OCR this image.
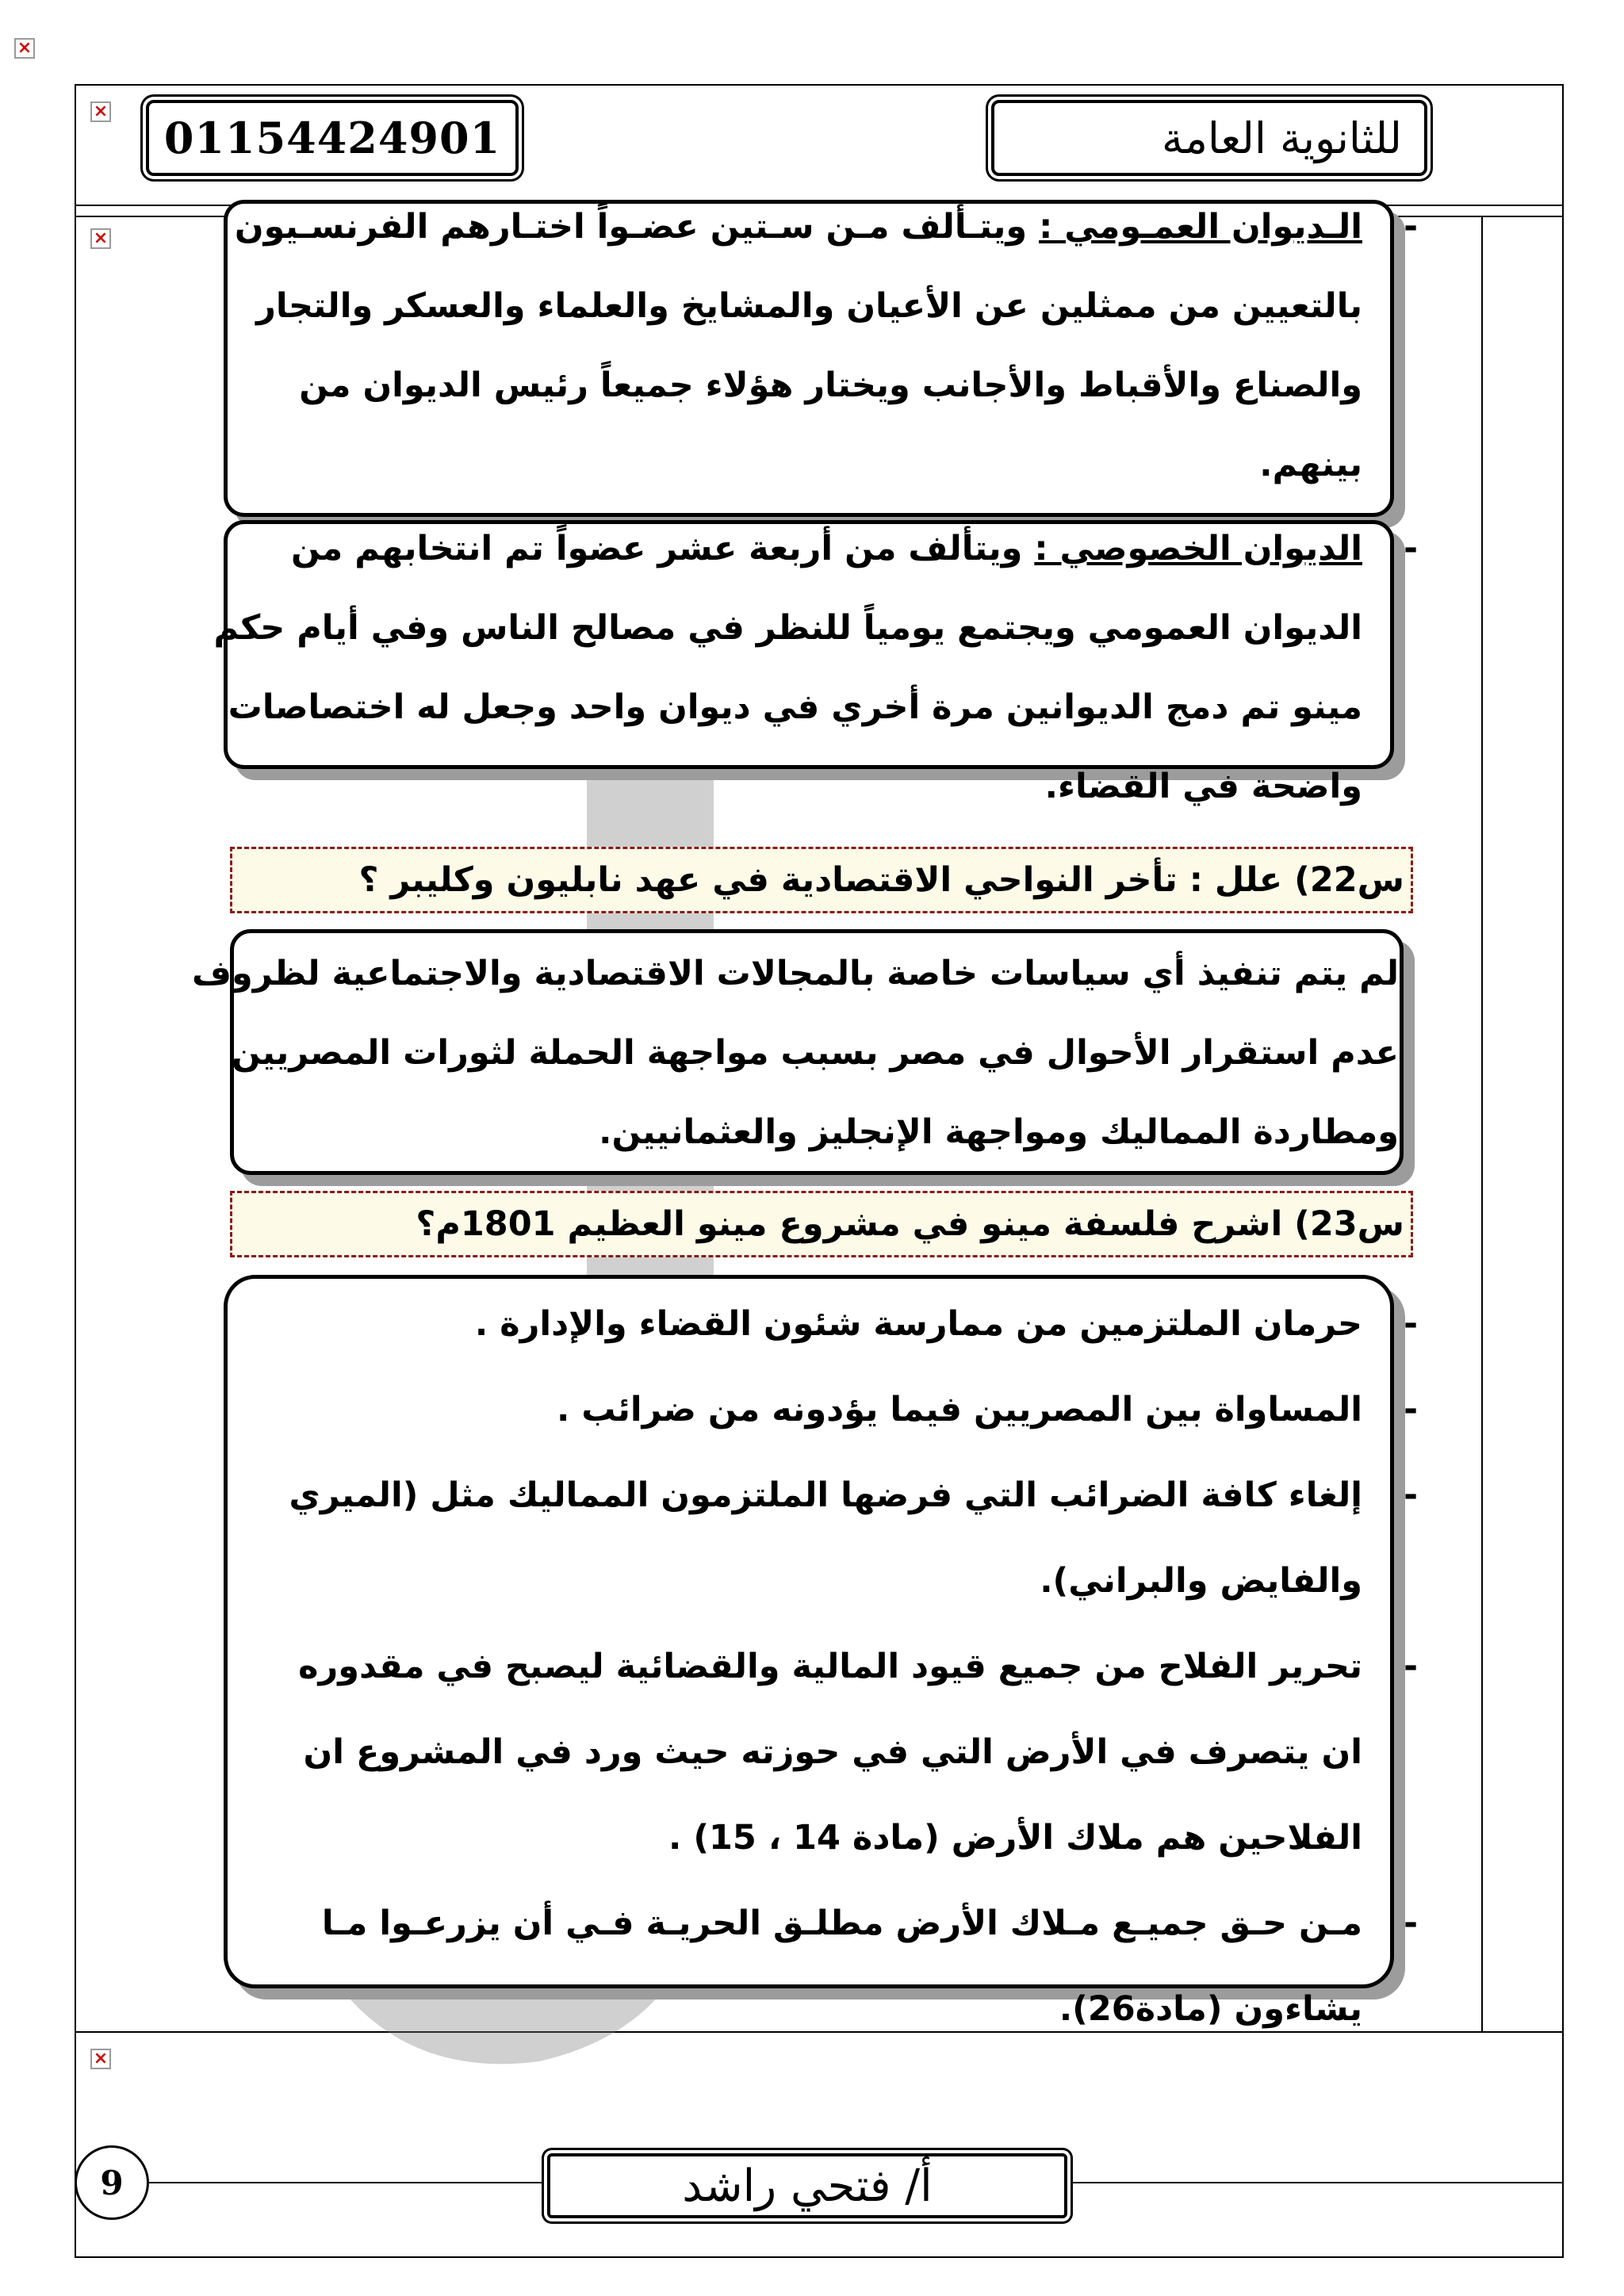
×
×
×
×
01154424901	للثانوية العامة
-
الـديوان العمـومي : ويتـألف مـن سـتين عضـواً اختـارهم الفرنسـيون
بالتعيين من ممثلين عن الأعيان والمشايخ والعلماء والعسكر والتجار
والصناع والأقباط والأجانب ويختار هؤلاء جميعاً رئيس الديوان من
بينهم.
-
الديوان الخصوصي : ويتألف من أربعة عشر عضواً تم انتخابهم من
الديوان العمومي ويجتمع يومياً للنظر في مصالح الناس وفي أيام حكم
مينو تم دمج الديوانين مرة أخري في ديوان واحد وجعل له اختصاصات
واضحة في القضاء.
س22) علل : تأخر النواحي الاقتصادية في عهد نابليون وكليبر ؟
لم يتم تنفيذ أي سياسات خاصة بالمجالات الاقتصادية والاجتماعية لظروف
عدم استقرار الأحوال في مصر بسبب مواجهة الحملة لثورات المصريين
ومطاردة المماليك ومواجهة الإنجليز والعثمانيين.
س23) اشرح فلسفة مينو في مشروع مينو العظيم 1801م؟
-
حرمان الملتزمين من ممارسة شئون القضاء والإدارة .
-
المساواة بين المصريين فيما يؤدونه من ضرائب .
-
إلغاء كافة الضرائب التي فرضها الملتزمون المماليك مثل (الميري
والفايض والبراني).
-
تحرير الفلاح من جميع قيود المالية والقضائية ليصبح في مقدوره
ان يتصرف في الأرض التي في حوزته حيث ورد في المشروع ان
الفلاحين هم ملاك الأرض (مادة 14 ، 15) .
-
مـن حـق جميـع مـلاك الأرض مطلـق الحريـة فـي أن يزرعـوا مـا
يشاءون (مادة26).
9	أ/ فتحي راشد
